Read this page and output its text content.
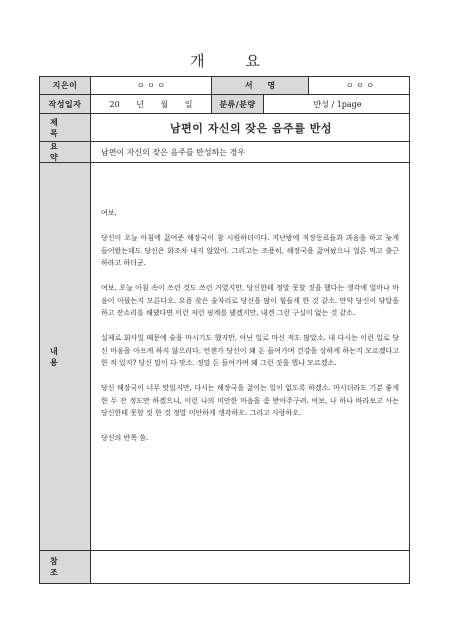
개 요
지은이	ㅇ ㅇ ㅇ	서 명	ㅇ ㅇ ㅇ
작성일자	20 년 월 일	분류/분량	반성 / 1page
제 목	남편이 자신의 잦은 음주를 반성
요 약	남편이 자신의 잦은 음주를 반성하는 경우
내 용

여보,

당신이 오늘 아침에 끓여준 해장국이 참 시원하더이다. 지난밤에 직장동료들과 과음을 하고 늦게 들어왔는데도 당신은 화조차 내지 않았어. 그리고는 조용히, 해장국을 끓여놨으니 얼른 먹고 출근하라고 하더군.

여보, 오늘 아침 속이 쓰린 것도 쓰린 거였지만, 당신한테 정말 못할 짓을 했다는 생각에 얼마나 마음이 아팠는지 모른다오. 요즘 잦은 술자리로 당신을 많이 힘들게 한 것 같소. 만약 당신이 닦달을 하고 잔소리를 해댔다면 이런 저런 핑계를 댔겠지만, 내겐 그런 구실이 없는 것 같소.

실제로 회사일 때문에 술을 마시기도 했지만, 아닌 일로 마신 적도 많았소. 내 다시는 이런 일로 당신 마음을 아프게 하지 않으리다. 언젠가 당신이 왜 돈 들여가며 건강을 상하게 하는지 모르겠다고 한 적 있지? 당신 말이 다 맞소. 정말 돈 들여가며 왜 그런 짓을 했나 모르겠소.

당신 해장국이 너무 맛있지만, 다시는 해장국을 끓이는 일이 없도록 하겠소. 마시더라도 기분 좋게 한 두 잔 정도만 하겠으니, 이런 나의 미안한 마음을 좀 받아주구려. 여보, 나 하나 바라보고 사는 당신한테 못할 짓 한 것 정말 미안하게 생각하오. 그리고 사랑하오.

당신의 반쪽 씀.

참 조
